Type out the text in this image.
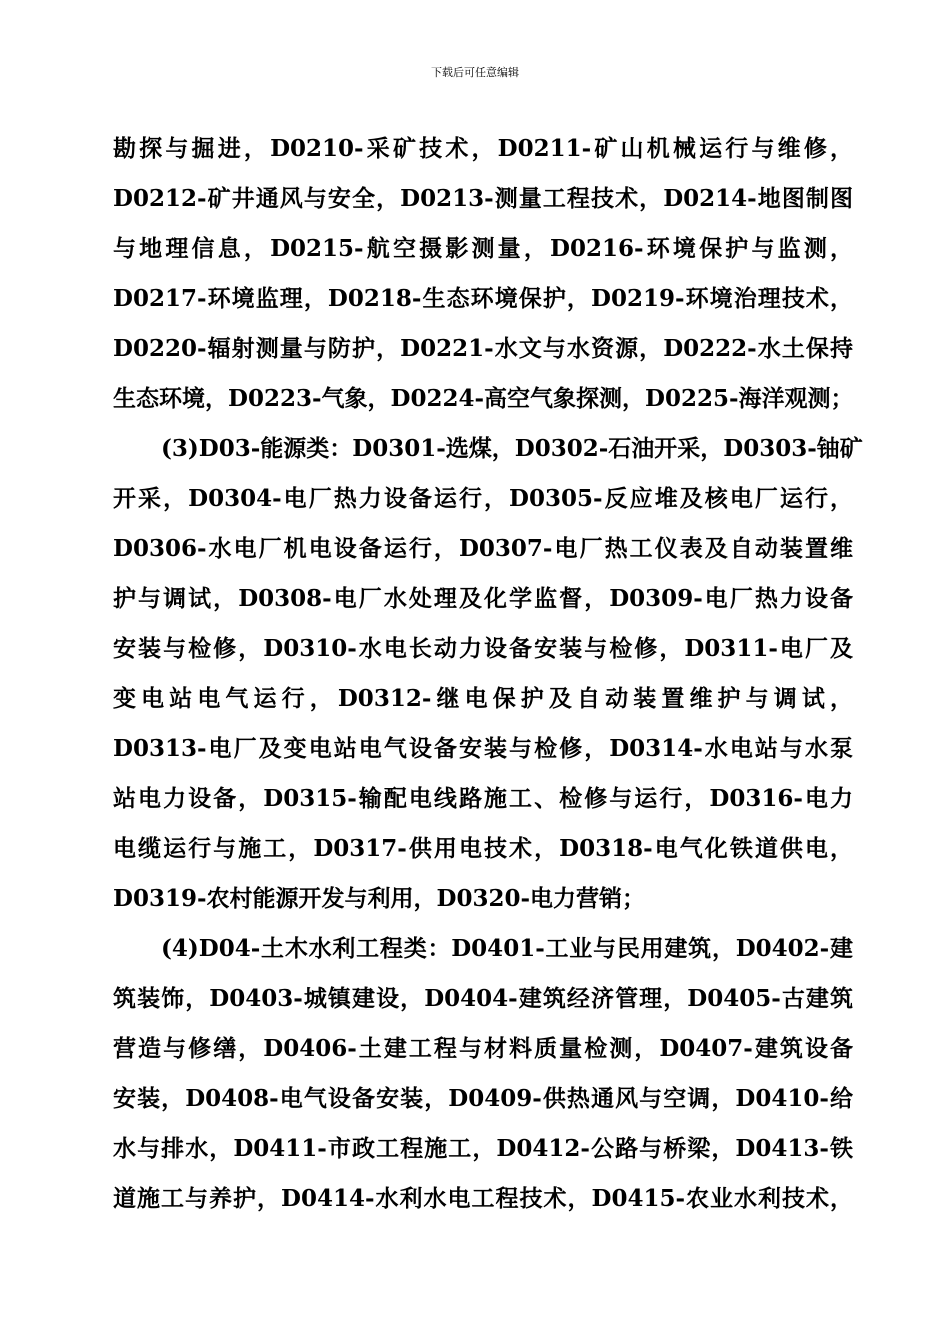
下载后可任意编辑
勘探与掘进，D0210-采矿技术，D0211-矿山机械运行与维修，
D0212-矿井通风与安全，D0213-测量工程技术，D0214-地图制图
与地理信息，D0215-航空摄影测量，D0216-环境保护与监测，
D0217-环境监理，D0218-生态环境保护，D0219-环境治理技术，
D0220-辐射测量与防护，D0221-水文与水资源，D0222-水土保持
生态环境，D0223-气象，D0224-高空气象探测，D0225-海洋观测；
(3)D03-能源类：D0301-选煤，D0302-石油开采，D0303-铀矿
开采，D0304-电厂热力设备运行，D0305-反应堆及核电厂运行，
D0306-水电厂机电设备运行，D0307-电厂热工仪表及自动装置维
护与调试，D0308-电厂水处理及化学监督，D0309-电厂热力设备
安装与检修，D0310-水电长动力设备安装与检修，D0311-电厂及
变电站电气运行，D0312-继电保护及自动装置维护与调试，
D0313-电厂及变电站电气设备安装与检修，D0314-水电站与水泵
站电力设备，D0315-输配电线路施工、检修与运行，D0316-电力
电缆运行与施工，D0317-供用电技术，D0318-电气化铁道供电，
D0319-农村能源开发与利用，D0320-电力营销；
(4)D04-土木水利工程类：D0401-工业与民用建筑，D0402-建
筑装饰，D0403-城镇建设，D0404-建筑经济管理，D0405-古建筑
营造与修缮，D0406-土建工程与材料质量检测，D0407-建筑设备
安装，D0408-电气设备安装，D0409-供热通风与空调，D0410-给
水与排水，D0411-市政工程施工，D0412-公路与桥梁，D0413-铁
道施工与养护，D0414-水利水电工程技术，D0415-农业水利技术，
